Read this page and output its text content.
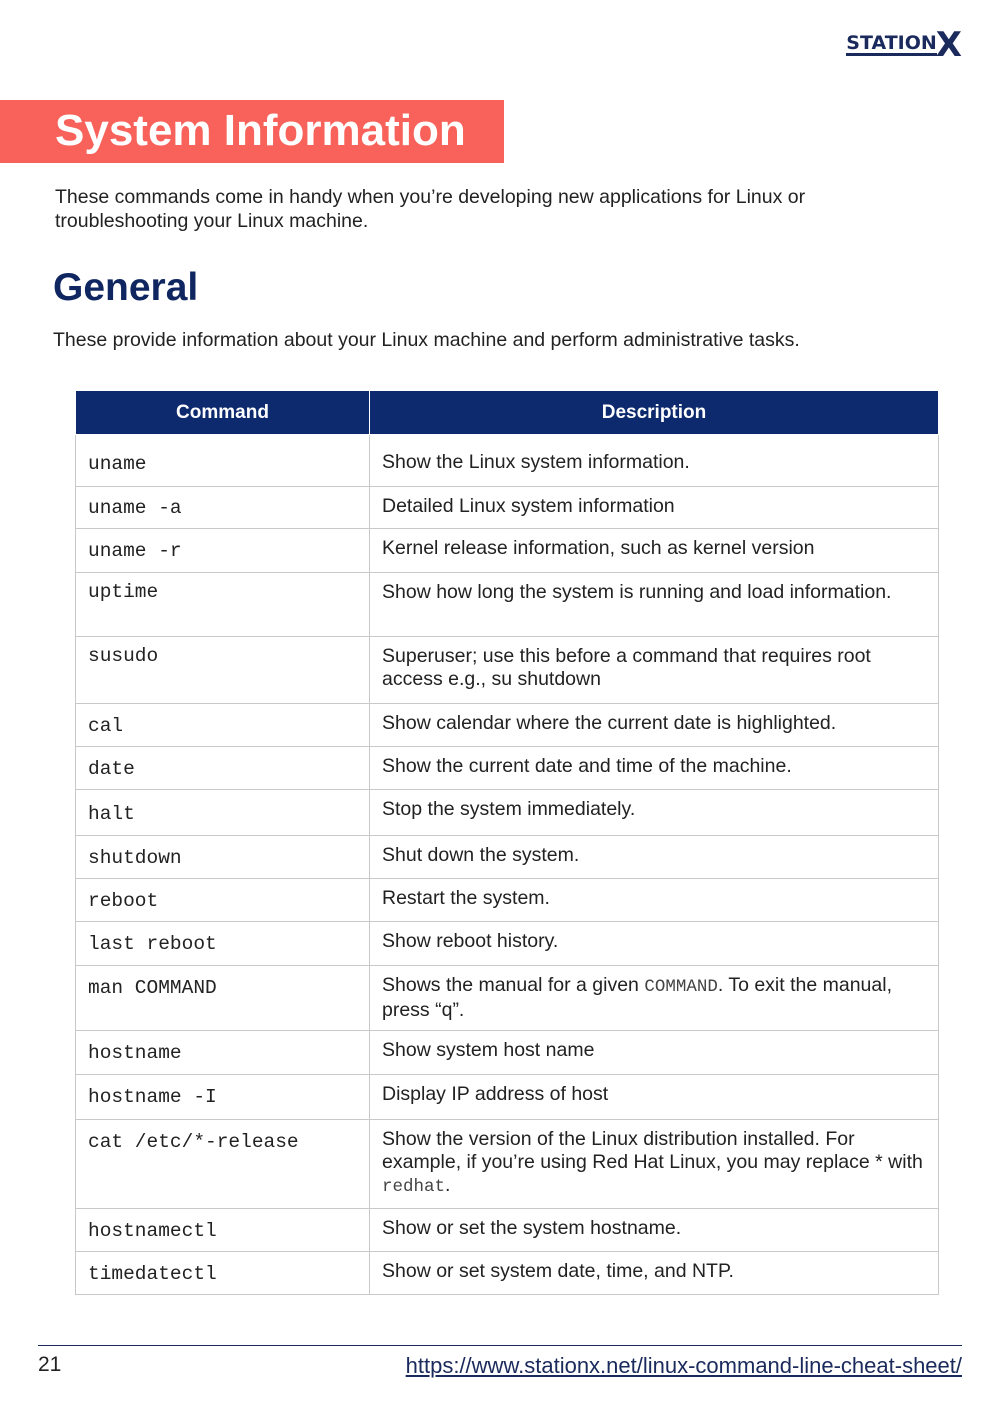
STATION X
System Information
These commands come in handy when you’re developing new applications for Linux or troubleshooting your Linux machine.
General
These provide information about your Linux machine and perform administrative tasks.
Command	Description
uname	Show the Linux system information.
uname -a	Detailed Linux system information
uname -r	Kernel release information, such as kernel version
uptime	Show how long the system is running and load information.
susudo	Superuser; use this before a command that requires root access e.g., su shutdown
cal	Show calendar where the current date is highlighted.
date	Show the current date and time of the machine.
halt	Stop the system immediately.
shutdown	Shut down the system.
reboot	Restart the system.
last reboot	Show reboot history.
man COMMAND	Shows the manual for a given COMMAND. To exit the manual, press “q”.
hostname	Show system host name
hostname -I	Display IP address of host
cat /etc/*-release	Show the version of the Linux distribution installed. For example, if you’re using Red Hat Linux, you may replace * with redhat.
hostnamectl	Show or set the system hostname.
timedatectl	Show or set system date, time, and NTP.
21	https://www.stationx.net/linux-command-line-cheat-sheet/
